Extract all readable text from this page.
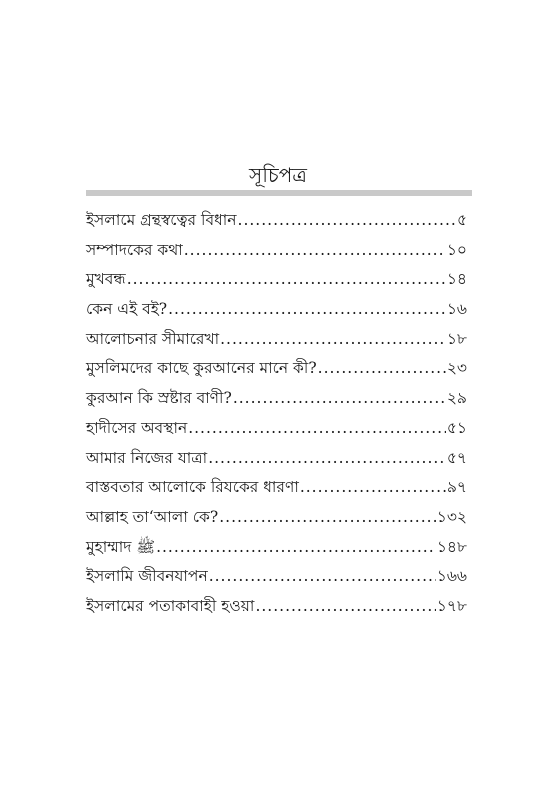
সূচিপত্র
ইসলামে গ্রন্থস্বত্বের বিধান .....	৫
সম্পাদকের কথা .....	১০
মুখবন্ধ .....	১৪
কেন এই বই? .....	১৬
আলোচনার সীমারেখা .....	১৮
মুসলিমদের কাছে কুরআনের মানে কী? .....	২৩
কুরআন কি স্রষ্টার বাণী? .....	২৯
হাদীসের অবস্থান .....	৫১
আমার নিজের যাত্রা .....	৫৭
বাস্তবতার আলোকে রিযকের ধারণা .....	৯৭
আল্লাহ তা‘আলা কে? .....	১৩২
মুহাম্মাদ ﷺ .....	১৪৮
ইসলামি জীবনযাপন .....	১৬৬
ইসলামের পতাকাবাহী হওয়া .....	১৭৮
